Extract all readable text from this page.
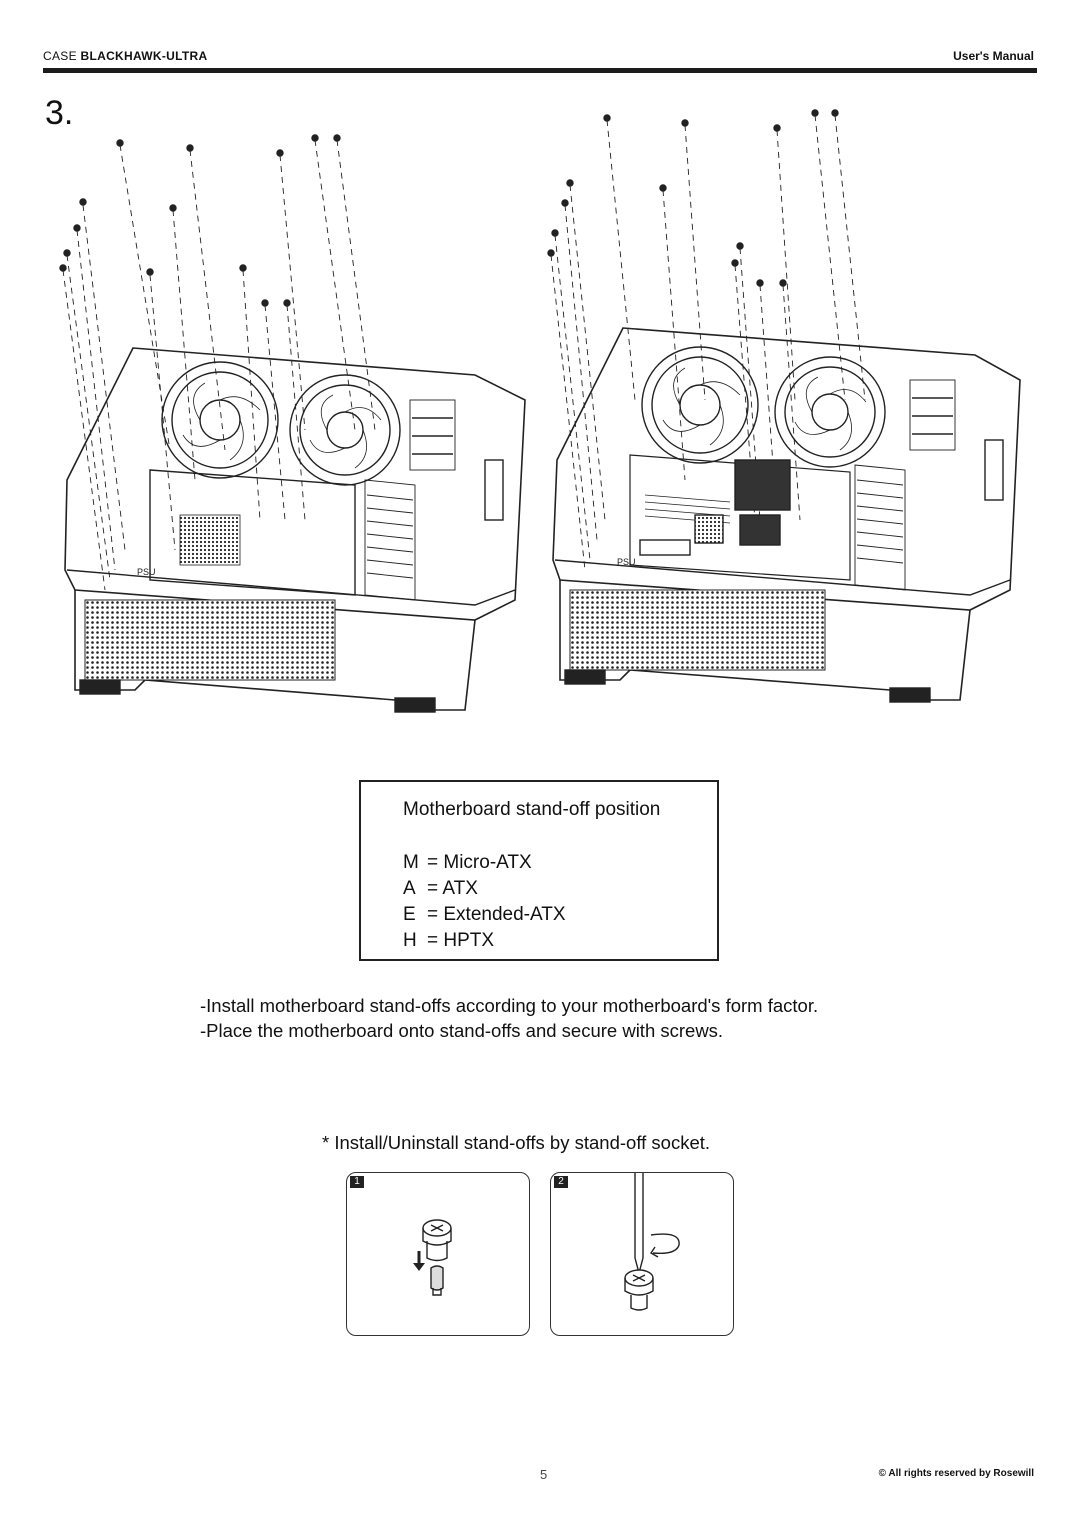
CASE BLACKHAWK-ULTRA	User's Manual
3.
PSU
PSU
Motherboard stand-off position
M = Micro-ATX
A = ATX
E = Extended-ATX
H = HPTX
-Install motherboard stand-offs according to your motherboard's form factor.
-Place the motherboard onto stand-offs and secure with screws.
* Install/Uninstall stand-offs by stand-off socket.
1	2
5	© All rights reserved by Rosewill
